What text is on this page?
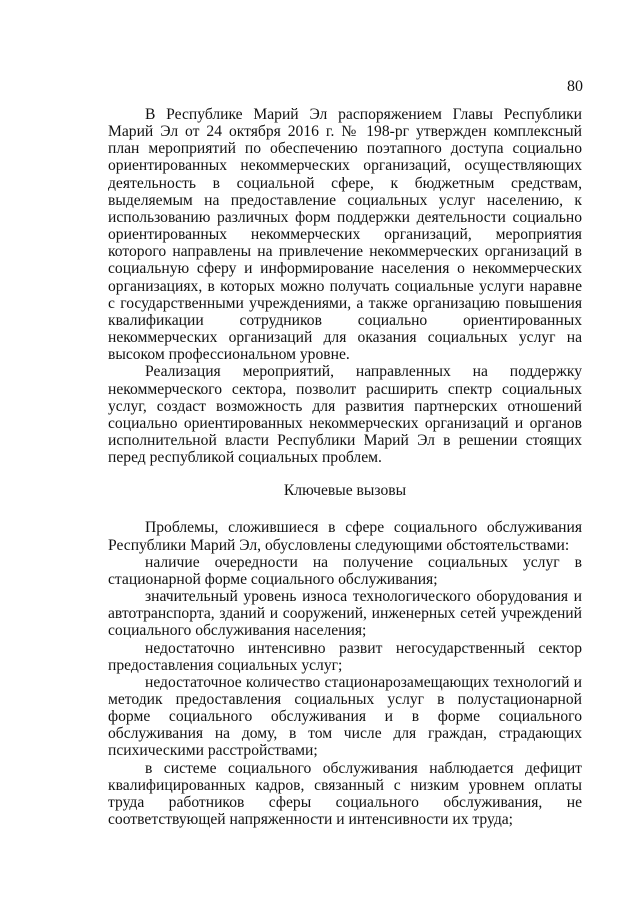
80

В Республике Марий Эл распоряжением Главы Республики Марий Эл от 24 октября 2016 г. № 198-рг утвержден комплексный план мероприятий по обеспечению поэтапного доступа социально ориентированных некоммерческих организаций, осуществляющих деятельность в социальной сфере, к бюджетным средствам, выделяемым на предоставление социальных услуг населению, к использованию различных форм поддержки деятельности социально ориентированных некоммерческих организаций, мероприятия которого направлены на привлечение некоммерческих организаций в социальную сферу и информирование населения о некоммерческих организациях, в которых можно получать социальные услуги наравне с государственными учреждениями, а также организацию повышения квалификации сотрудников социально ориентированных некоммерческих организаций для оказания социальных услуг на высоком профессиональном уровне.

Реализация мероприятий, направленных на поддержку некоммерческого сектора, позволит расширить спектр социальных услуг, создаст возможность для развития партнерских отношений социально ориентированных некоммерческих организаций и органов исполнительной власти Республики Марий Эл в решении стоящих перед республикой социальных проблем.

Ключевые вызовы

Проблемы, сложившиеся в сфере социального обслуживания Республики Марий Эл, обусловлены следующими обстоятельствами:

наличие очередности на получение социальных услуг в стационарной форме социального обслуживания;

значительный уровень износа технологического оборудования и автотранспорта, зданий и сооружений, инженерных сетей учреждений социального обслуживания населения;

недостаточно интенсивно развит негосударственный сектор предоставления социальных услуг;

недостаточное количество стационарозамещающих технологий и методик предоставления социальных услуг в полустационарной форме социального обслуживания и в форме социального обслуживания на дому, в том числе для граждан, страдающих психическими расстройствами;

в системе социального обслуживания наблюдается дефицит квалифицированных кадров, связанный с низким уровнем оплаты труда работников сферы социального обслуживания, не соответствующей напряженности и интенсивности их труда;
